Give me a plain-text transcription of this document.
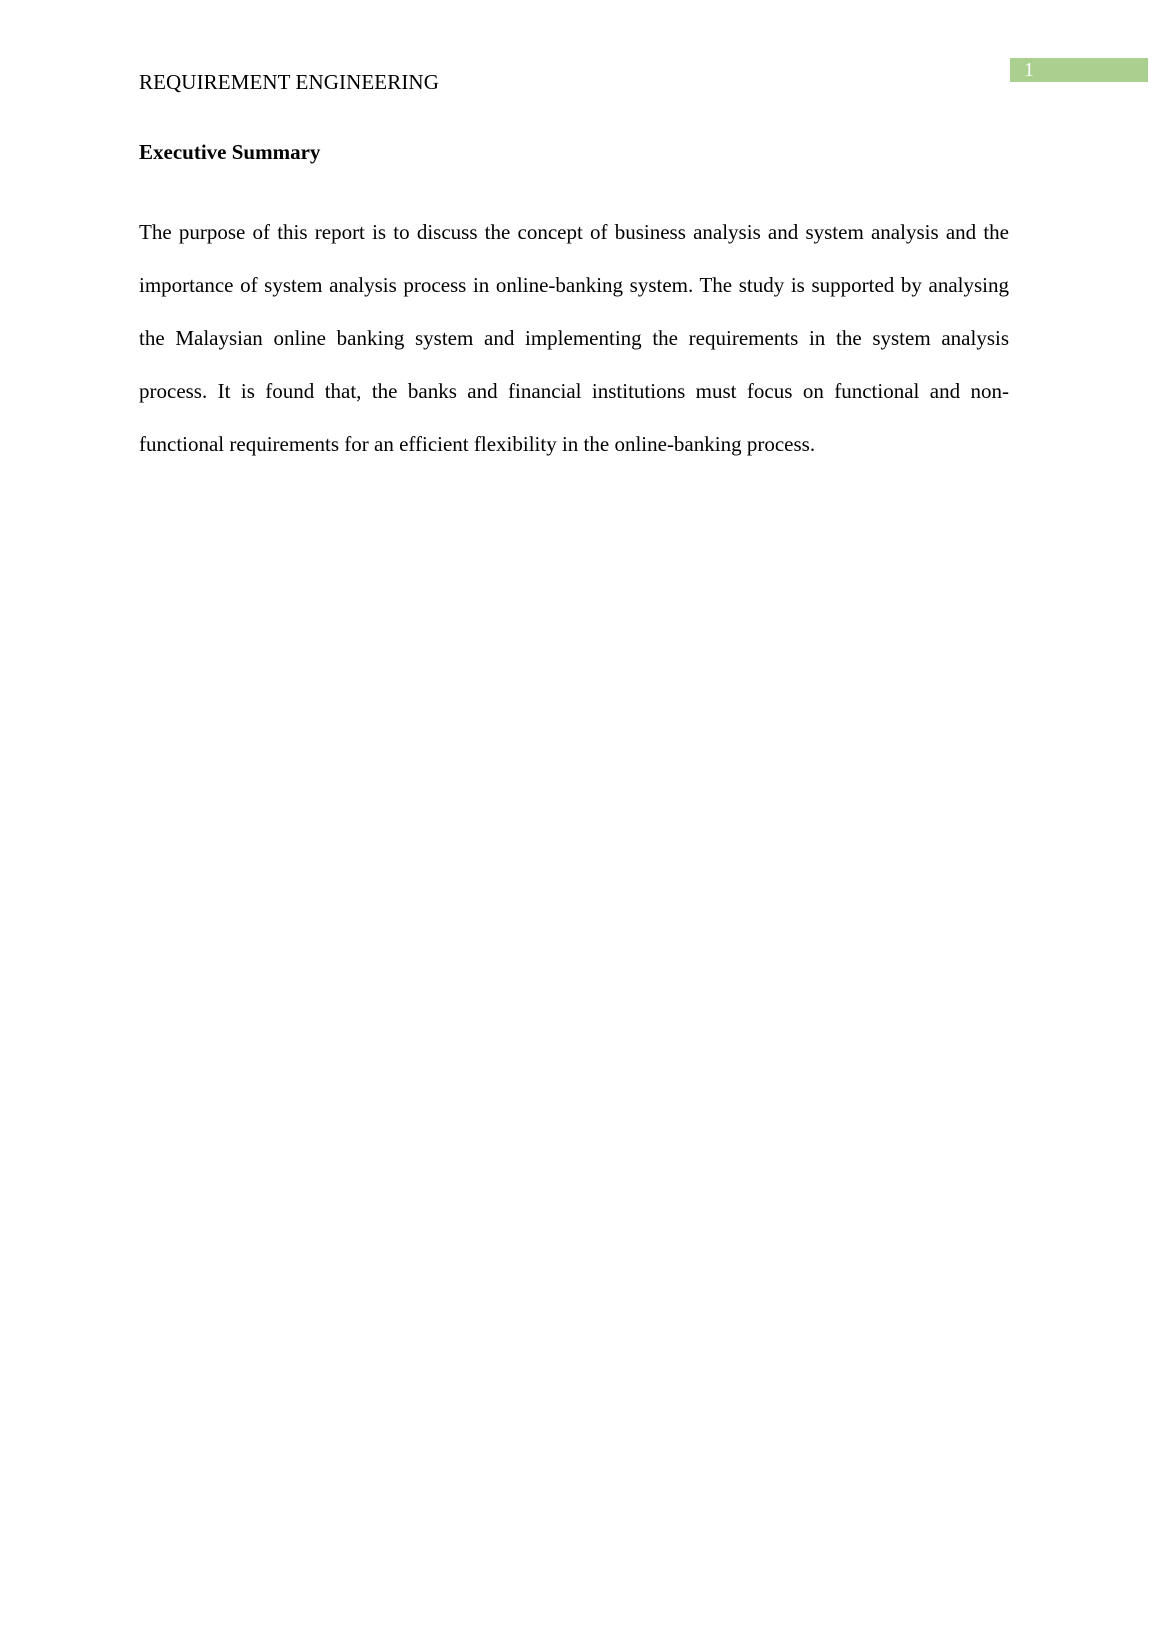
1
REQUIREMENT ENGINEERING
Executive Summary

The purpose of this report is to discuss the concept of business analysis and system analysis and the importance of system analysis process in online-banking system. The study is supported by analysing the Malaysian online banking system and implementing the requirements in the system analysis process. It is found that, the banks and financial institutions must focus on functional and non-functional requirements for an efficient flexibility in the online-banking process.
